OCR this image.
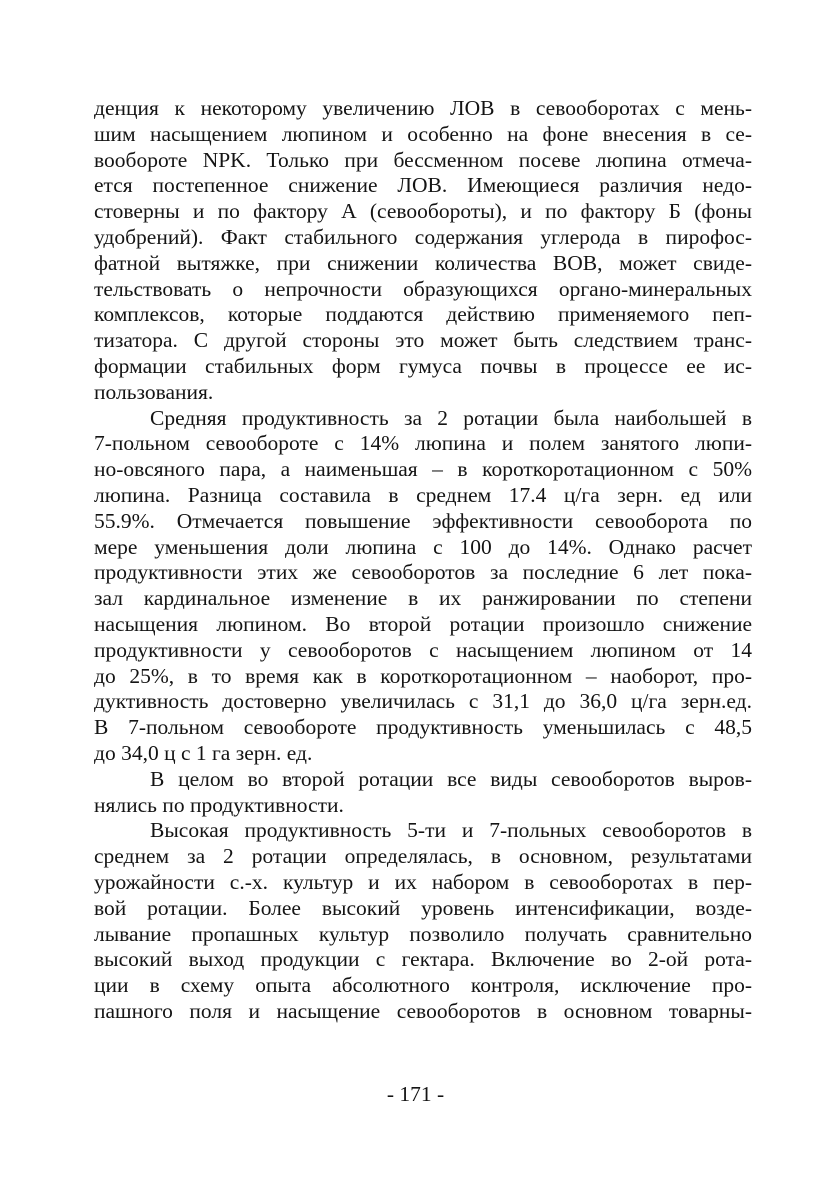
денция к некоторому увеличению ЛОВ в севооборотах с мень-
шим насыщением люпином и особенно на фоне внесения в се-
вообороте NPK. Только при бессменном посеве люпина отмеча-
ется постепенное снижение ЛОВ. Имеющиеся различия недо-
стоверны и по фактору А (севообороты), и по фактору Б (фоны
удобрений). Факт стабильного содержания углерода в пирофос-
фатной вытяжке, при снижении количества ВОВ, может свиде-
тельствовать о непрочности образующихся органо-минеральных
комплексов, которые поддаются действию применяемого пеп-
тизатора. С другой стороны это может быть следствием транс-
формации стабильных форм гумуса почвы в процессе ее ис-
пользования.
Средняя продуктивность за 2 ротации была наибольшей в
7-польном севообороте с 14% люпина и полем занятого люпи-
но-овсяного пара, а наименьшая – в короткоротационном с 50%
люпина. Разница составила в среднем 17.4 ц/га зерн. ед или
55.9%. Отмечается повышение эффективности севооборота по
мере уменьшения доли люпина с 100 до 14%. Однако расчет
продуктивности этих же севооборотов за последние 6 лет пока-
зал кардинальное изменение в их ранжировании по степени
насыщения люпином. Во второй ротации произошло снижение
продуктивности у севооборотов с насыщением люпином от 14
до 25%, в то время как в короткоротационном – наоборот, про-
дуктивность достоверно увеличилась с 31,1 до 36,0 ц/га зерн.ед.
В 7-польном севообороте продуктивность уменьшилась с 48,5
до 34,0 ц с 1 га зерн. ед.
В целом во второй ротации все виды севооборотов выров-
нялись по продуктивности.
Высокая продуктивность 5-ти и 7-польных севооборотов в
среднем за 2 ротации определялась, в основном, результатами
урожайности с.-х. культур и их набором в севооборотах в пер-
вой ротации. Более высокий уровень интенсификации, возде-
лывание пропашных культур позволило получать сравнительно
высокий выход продукции с гектара. Включение во 2-ой рота-
ции в схему опыта абсолютного контроля, исключение про-
пашного поля и насыщение севооборотов в основном товарны-
- 171 -
